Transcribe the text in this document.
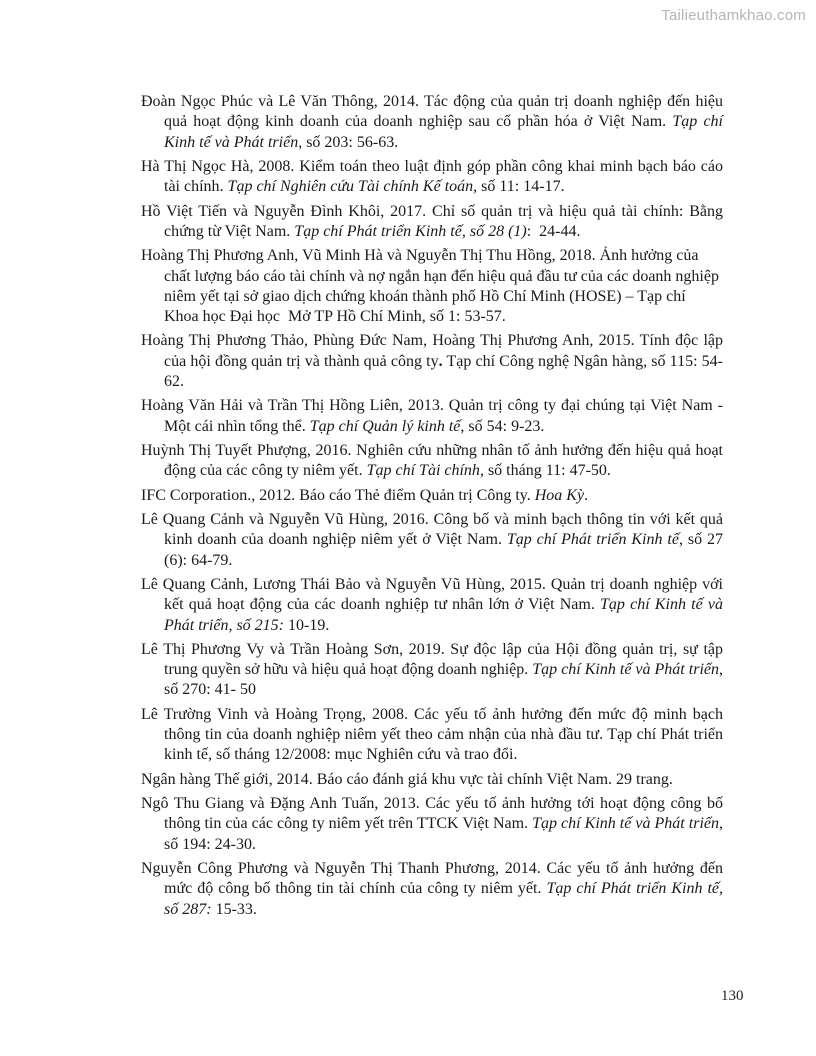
Tailieuthamkhao.com

Đoàn Ngọc Phúc và Lê Văn Thông, 2014. Tác động của quản trị doanh nghiệp đến hiệu quả hoạt động kinh doanh của doanh nghiệp sau cổ phần hóa ở Việt Nam. Tạp chí Kinh tế và Phát triển, số 203: 56-63.

Hà Thị Ngọc Hà, 2008. Kiểm toán theo luật định góp phần công khai minh bạch báo cáo tài chính. Tạp chí Nghiên cứu Tài chính Kế toán, số 11: 14-17.

Hồ Việt Tiến và Nguyễn Đình Khôi, 2017. Chỉ số quản trị và hiệu quả tài chính: Bằng chứng từ Việt Nam. Tạp chí Phát triển Kinh tế, số 28 (1):  24-44.

Hoàng Thị Phương Anh, Vũ Minh Hà và Nguyễn Thị Thu Hồng, 2018. Ảnh hưởng của chất lượng báo cáo tài chính và nợ ngắn hạn đến hiệu quả đầu tư của các doanh nghiệp niêm yết tại sở giao dịch chứng khoán thành phố Hồ Chí Minh (HOSE) – Tạp chí Khoa học Đại học  Mở TP Hồ Chí Minh, số 1: 53-57.

Hoàng Thị Phương Thảo, Phùng Đức Nam, Hoàng Thị Phương Anh, 2015. Tính độc lập của hội đồng quản trị và thành quả công ty. Tạp chí Công nghệ Ngân hàng, số 115: 54-62.

Hoàng Văn Hải và Trần Thị Hồng Liên, 2013. Quản trị công ty đại chúng tại Việt Nam - Một cái nhìn tổng thể. Tạp chí Quản lý kinh tế, số 54: 9-23.

Huỳnh Thị Tuyết Phượng, 2016. Nghiên cứu những nhân tố ảnh hưởng đến hiệu quả hoạt động của các công ty niêm yết. Tạp chí Tài chính, số tháng 11: 47-50.

IFC Corporation., 2012. Báo cáo Thẻ điểm Quản trị Công ty. Hoa Kỳ.

Lê Quang Cảnh và Nguyễn Vũ Hùng, 2016. Công bố và minh bạch thông tin với kết quả kinh doanh của doanh nghiệp niêm yết ở Việt Nam. Tạp chí Phát triển Kinh tế, số 27 (6): 64-79.

Lê Quang Cảnh, Lương Thái Bảo và Nguyễn Vũ Hùng, 2015. Quản trị doanh nghiệp với kết quả hoạt động của các doanh nghiệp tư nhân lớn ở Việt Nam. Tạp chí Kinh tế và Phát triển, số 215: 10-19.

Lê Thị Phương Vy và Trần Hoàng Sơn, 2019. Sự độc lập của Hội đồng quản trị, sự tập trung quyền sở hữu và hiệu quả hoạt động doanh nghiệp. Tạp chí Kinh tế và Phát triển, số 270: 41- 50

Lê Trường Vinh và Hoàng Trọng, 2008. Các yếu tố ảnh hưởng đến mức độ minh bạch thông tin của doanh nghiệp niêm yết theo cảm nhận của nhà đầu tư. Tạp chí Phát triển kinh tế, số tháng 12/2008: mục Nghiên cứu và trao đổi.

Ngân hàng Thế giới, 2014. Báo cáo đánh giá khu vực tài chính Việt Nam. 29 trang.

Ngô Thu Giang và Đặng Anh Tuấn, 2013. Các yếu tố ảnh hưởng tới hoạt động công bố thông tin của các công ty niêm yết trên TTCK Việt Nam. Tạp chí Kinh tế và Phát triển, số 194: 24-30.

Nguyễn Công Phương và Nguyễn Thị Thanh Phương, 2014. Các yếu tố ảnh hưởng đến mức độ công bố thông tin tài chính của công ty niêm yết. Tạp chí Phát triển Kinh tế, số 287: 15-33.

130
